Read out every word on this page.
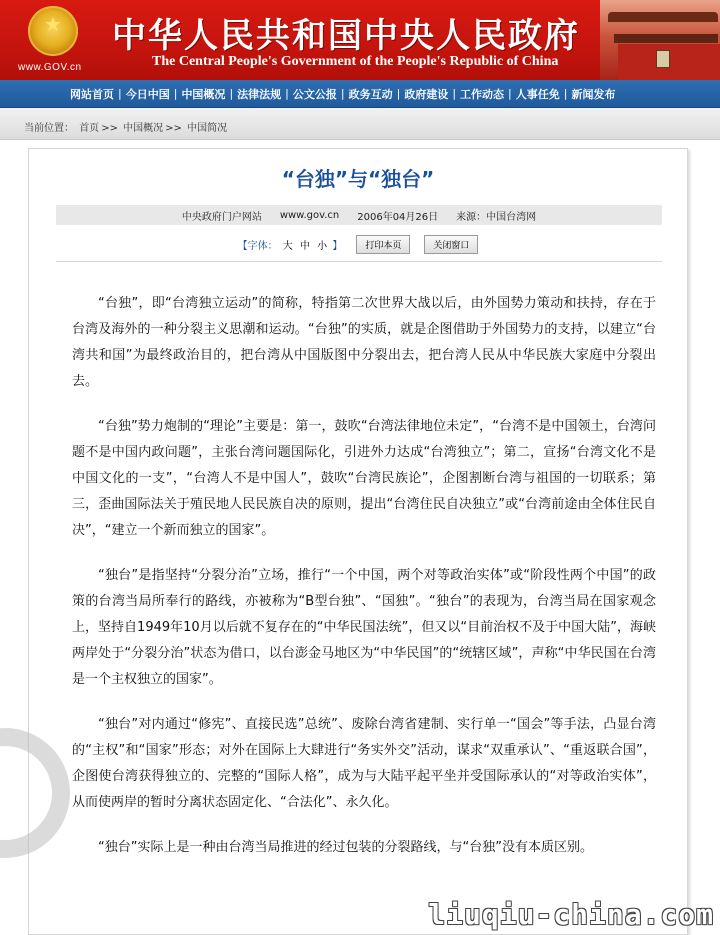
★
www.GOV.cn
中华人民共和国中央人民政府
The Central People's Government of the People's Republic of China
网站首页 | 今日中国 | 中国概况 | 法律法规 | 公文公报 | 政务互动 | 政府建设 | 工作动态 | 人事任免 | 新闻发布
当前位置： 首页 >> 中国概况 >> 中国简况
“台独”与“独台”
中央政府门户网站 www.gov.cn 2006年04月26日 来源：中国台湾网
【字体： 大 中 小 】	打印本页	关闭窗口

“台独”，即“台湾独立运动”的简称，特指第二次世界大战以后，由外国势力策动和扶持，存在于台湾及海外的一种分裂主义思潮和运动。“台独”的实质，就是企图借助于外国势力的支持，以建立“台湾共和国”为最终政治目的，把台湾从中国版图中分裂出去，把台湾人民从中华民族大家庭中分裂出去。

“台独”势力炮制的“理论”主要是：第一，鼓吹“台湾法律地位未定”，“台湾不是中国领土，台湾问题不是中国内政问题”，主张台湾问题国际化，引进外力达成“台湾独立”；第二，宣扬“台湾文化不是中国文化的一支”，“台湾人不是中国人”，鼓吹“台湾民族论”，企图割断台湾与祖国的一切联系；第三，歪曲国际法关于殖民地人民民族自决的原则，提出“台湾住民自决独立”或“台湾前途由全体住民自决”，“建立一个新而独立的国家”。

“独台”是指坚持“分裂分治”立场，推行“一个中国，两个对等政治实体”或“阶段性两个中国”的政策的台湾当局所奉行的路线，亦被称为“B型台独”、“国独”。“独台”的表现为，台湾当局在国家观念上，坚持自1949年10月以后就不复存在的“中华民国法统”，但又以“目前治权不及于中国大陆”，海峡两岸处于“分裂分治”状态为借口，以台澎金马地区为“中华民国”的“统辖区域”，声称“中华民国在台湾是一个主权独立的国家”。

“独台”对内通过“修宪”、直接民选”总统”、废除台湾省建制、实行单一“国会”等手法，凸显台湾的“主权”和“国家”形态；对外在国际上大肆进行“务实外交”活动，谋求“双重承认”、“重返联合国”，企图使台湾获得独立的、完整的“国际人格”，成为与大陆平起平坐并受国际承认的“对等政治实体”，从而使两岸的暂时分离状态固定化、“合法化”、永久化。

“独台”实际上是一种由台湾当局推进的经过包装的分裂路线，与“台独”没有本质区别。

liuqiu-china.com
